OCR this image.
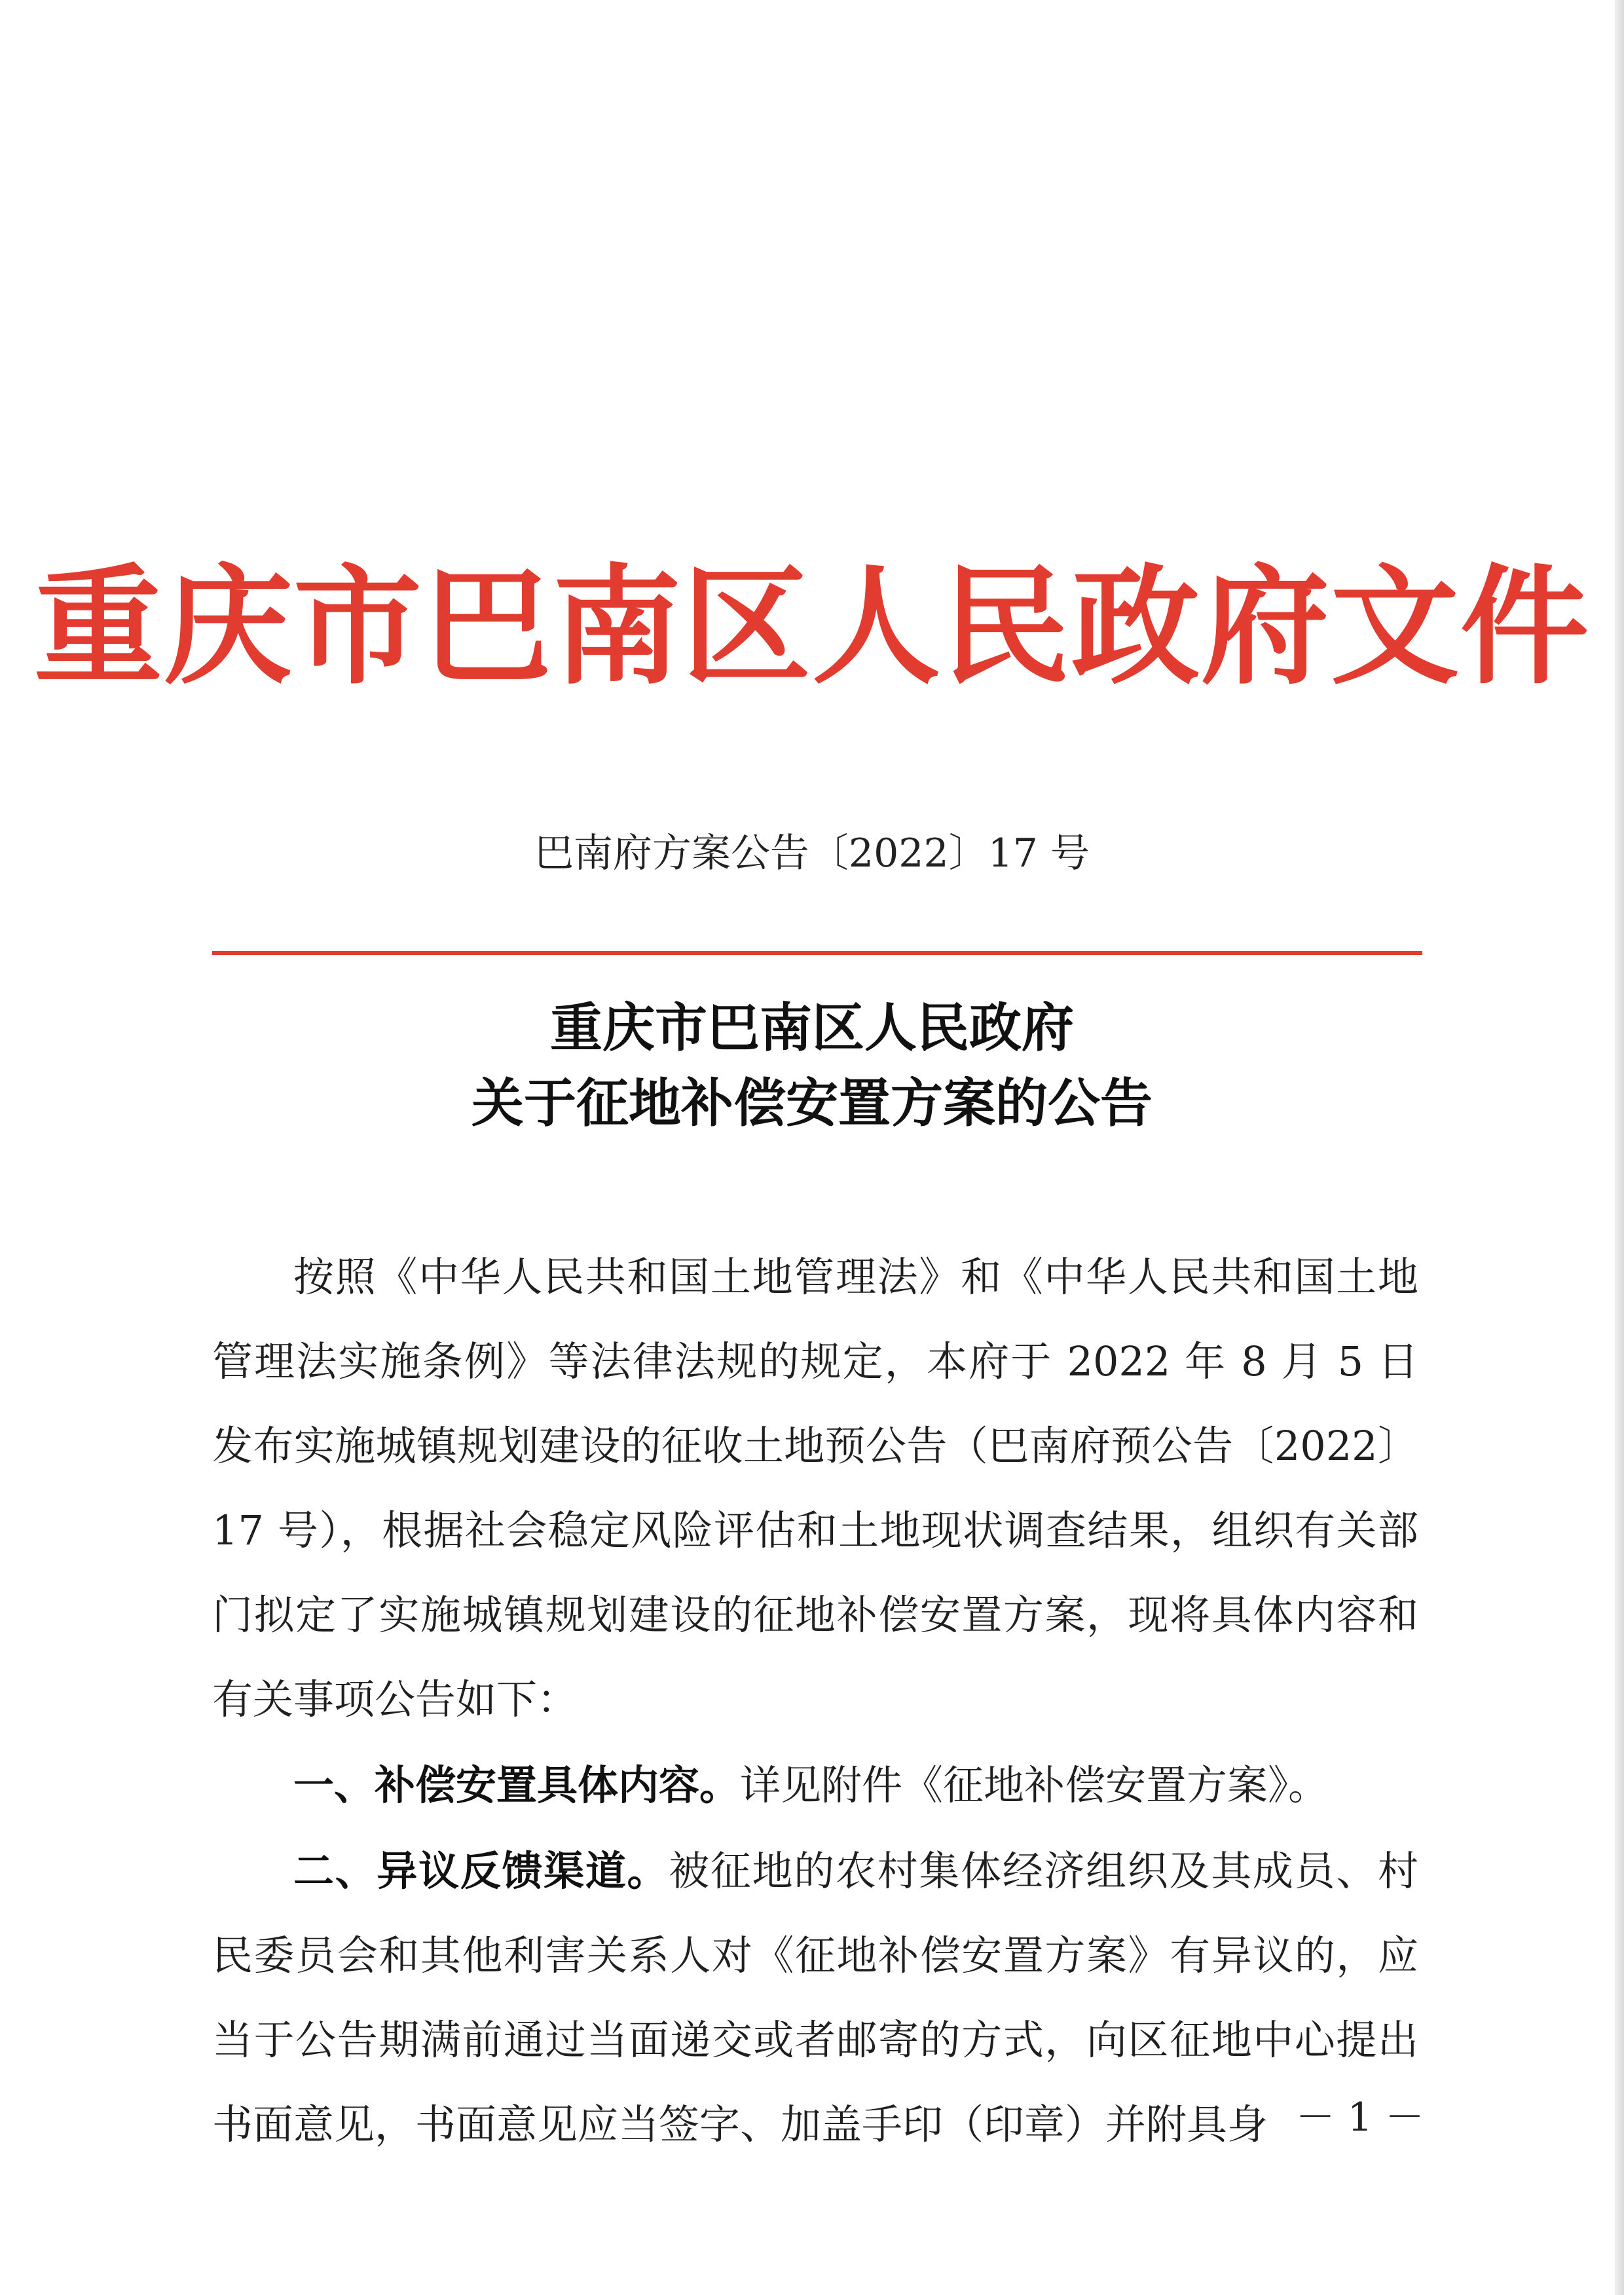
重庆市巴南区人民政府文件
巴南府方案公告〔2022〕17 号
重庆市巴南区人民政府
关于征地补偿安置方案的公告

按照《中华人民共和国土地管理法》和《中华人民共和国土地管理法实施条例》等法律法规的规定，本府于 2022 年 8 月 5 日发布实施城镇规划建设的征收土地预公告（巴南府预公告〔2022〕17 号），根据社会稳定风险评估和土地现状调查结果，组织有关部门拟定了实施城镇规划建设的征地补偿安置方案，现将具体内容和有关事项公告如下：

一、补偿安置具体内容。详见附件《征地补偿安置方案》。

二、异议反馈渠道。被征地的农村集体经济组织及其成员、村民委员会和其他利害关系人对《征地补偿安置方案》有异议的，应当于公告期满前通过当面递交或者邮寄的方式，向区征地中心提出书面意见，书面意见应当签字、加盖手印（印章）并附具身 － 1 －
